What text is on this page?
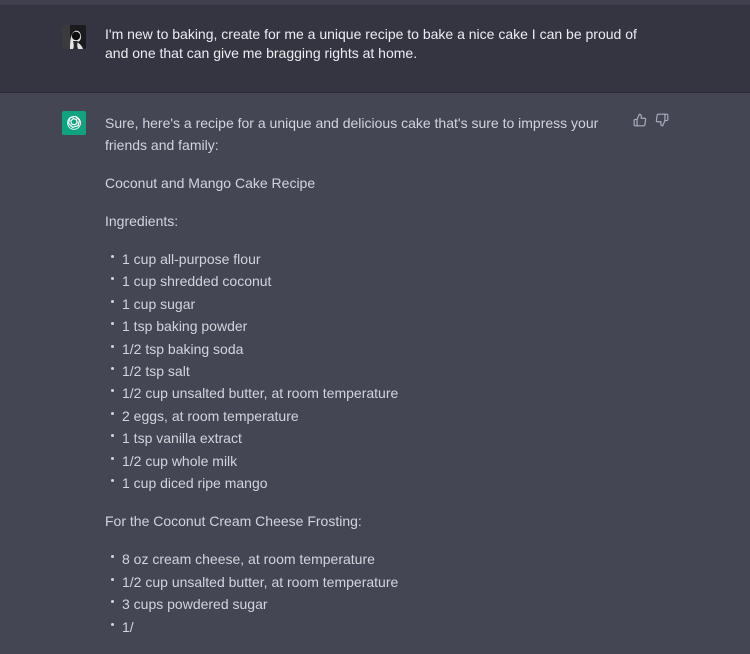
I'm new to baking, create for me a unique recipe to bake a nice cake I can be proud of and one that can give me bragging rights at home.

Sure, here's a recipe for a unique and delicious cake that's sure to impress your friends and family:

Coconut and Mango Cake Recipe

Ingredients:

1 cup all-purpose flour
1 cup shredded coconut
1 cup sugar
1 tsp baking powder
1/2 tsp baking soda
1/2 tsp salt
1/2 cup unsalted butter, at room temperature
2 eggs, at room temperature
1 tsp vanilla extract
1/2 cup whole milk
1 cup diced ripe mango

For the Coconut Cream Cheese Frosting:

8 oz cream cheese, at room temperature
1/2 cup unsalted butter, at room temperature
3 cups powdered sugar
1/
